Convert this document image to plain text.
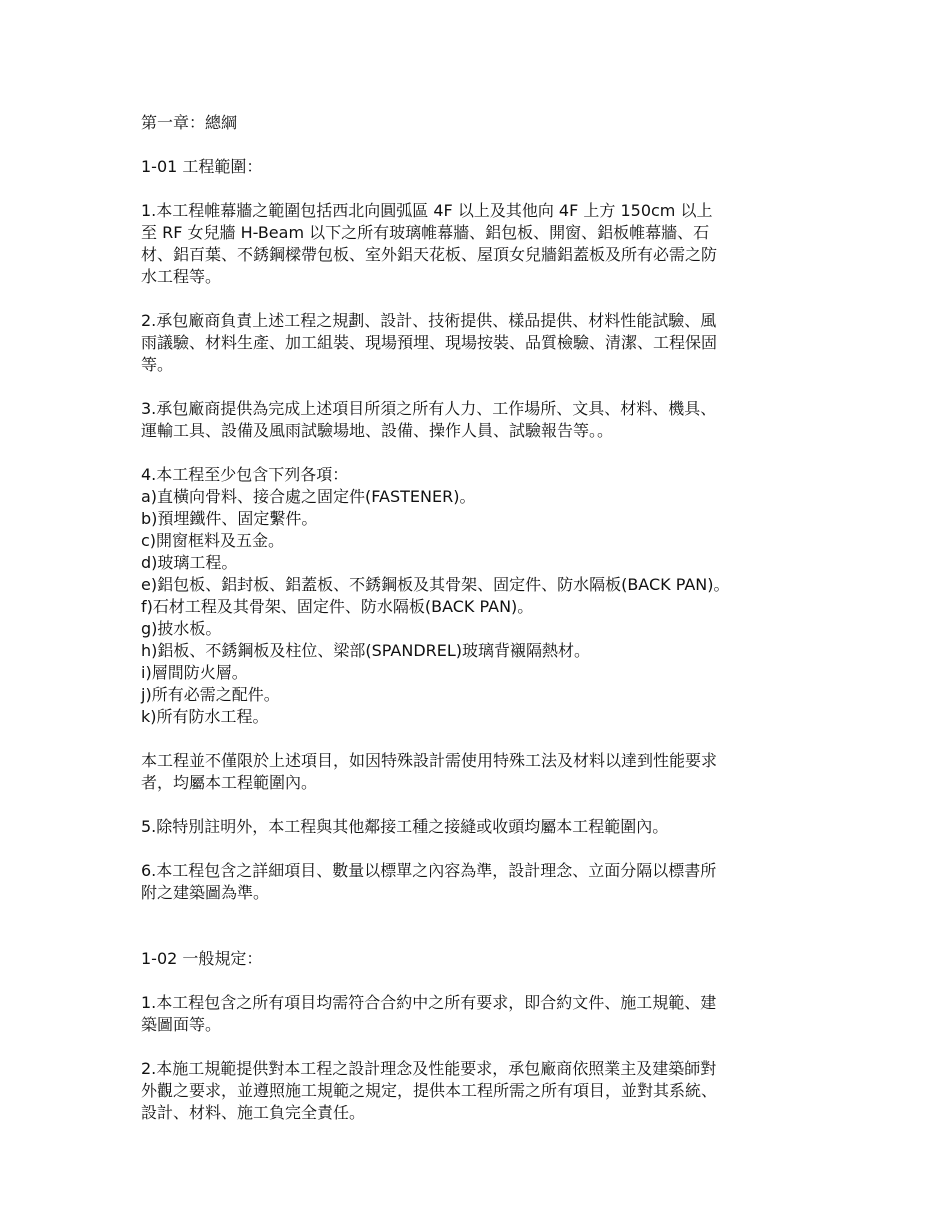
第一章：總綱
1-01 工程範圍：
1.本工程帷幕牆之範圍包括西北向圓弧區 4F 以上及其他向 4F 上方 150cm 以上
至 RF 女兒牆 H-Beam 以下之所有玻璃帷幕牆、鋁包板、開窗、鋁板帷幕牆、石
材、鋁百葉、不銹鋼樑帶包板、室外鋁天花板、屋頂女兒牆鋁蓋板及所有必需之防
水工程等。
2.承包廠商負責上述工程之規劃、設計、技術提供、樣品提供、材料性能試驗、風
雨議驗、材料生產、加工組裝、現場預埋、現場按裝、品質檢驗、清潔、工程保固
等。
3.承包廠商提供為完成上述項目所須之所有人力、工作場所、文具、材料、機具、
運輸工具、設備及風雨試驗場地、設備、操作人員、試驗報告等。。
4.本工程至少包含下列各項：
a)直橫向骨料、接合處之固定件(FASTENER)。
b)預埋鐵件、固定繫件。
c)開窗框料及五金。
d)玻璃工程。
e)鋁包板、鋁封板、鋁蓋板、不銹鋼板及其骨架、固定件、防水隔板(BACK PAN)。
f)石材工程及其骨架、固定件、防水隔板(BACK PAN)。
g)披水板。
h)鋁板、不銹鋼板及柱位、梁部(SPANDREL)玻璃背襯隔熱材。
i)層間防火層。
j)所有必需之配件。
k)所有防水工程。
本工程並不僅限於上述項目，如因特殊設計需使用特殊工法及材料以達到性能要求
者，均屬本工程範圍內。
5.除特別註明外，本工程與其他鄰接工種之接縫或收頭均屬本工程範圍內。
6.本工程包含之詳細項目、數量以標單之內容為準，設計理念、立面分隔以標書所
附之建築圖為準。
1-02 一般規定：
1.本工程包含之所有項目均需符合合約中之所有要求，即合約文件、施工規範、建
築圖面等。
2.本施工規範提供對本工程之設計理念及性能要求，承包廠商依照業主及建築師對
外觀之要求，並遵照施工規範之規定，提供本工程所需之所有項目，並對其系統、
設計、材料、施工負完全責任。
